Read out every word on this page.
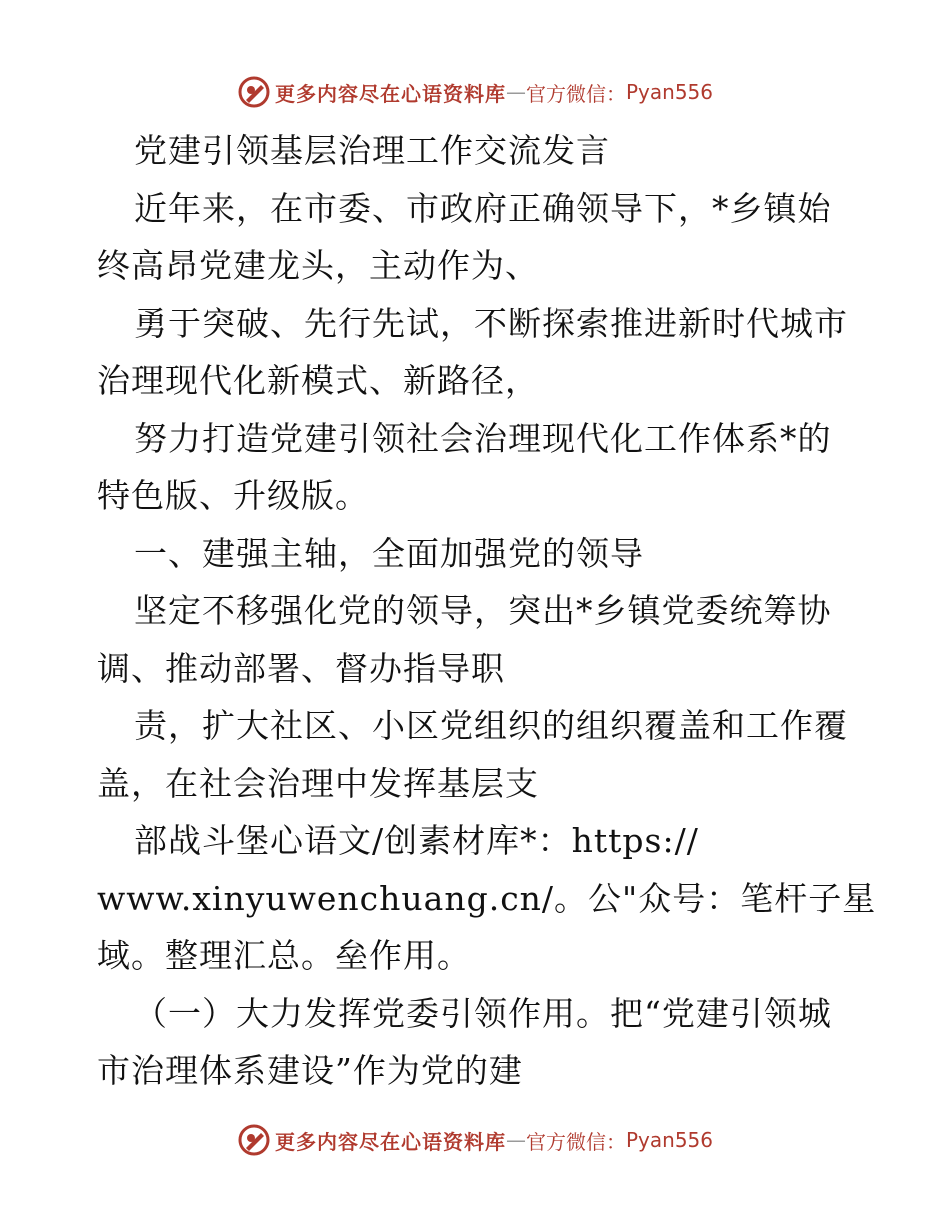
更多内容尽在心语资料库 — 官方微信： Pyan556
党建引领基层治理工作交流发言
近年来，在市委、市政府正确领导下，*乡镇始
终高昂党建龙头，主动作为、
勇于突破、先行先试，不断探索推进新时代城市
治理现代化新模式、新路径，
努力打造党建引领社会治理现代化工作体系*的
特色版、升级版。
一、建强主轴，全面加强党的领导
坚定不移强化党的领导，突出*乡镇党委统筹协
调、推动部署、督办指导职
责，扩大社区、小区党组织的组织覆盖和工作覆
盖，在社会治理中发挥基层支
部战斗堡心语文/创素材库*：https://
www.xinyuwenchuang.cn/。公"众号：笔杆子星
域。整理汇总。垒作用。
（一）大力发挥党委引领作用。把“党建引领城
市治理体系建设”作为党的建
更多内容尽在心语资料库 — 官方微信： Pyan556
